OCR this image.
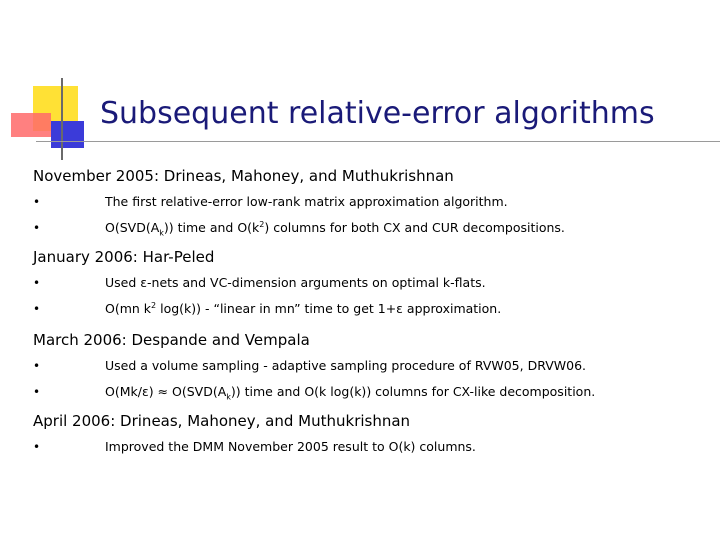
Subsequent relative-error algorithms
November 2005: Drineas, Mahoney, and Muthukrishnan
•	The first relative-error low-rank matrix approximation algorithm.
•	$O(SVD(A_k))$ time and $O(k^2)$ columns for both CX and CUR decompositions.
January 2006: Har-Peled
•	Used ε-nets and VC-dimension arguments on optimal k-flats.
•	O(mn $k^2$ log(k)) - “linear in mn” time to get 1+ε approximation.
March 2006: Despande and Vempala
•	Used a volume sampling - adaptive sampling procedure of RVW05, DRVW06.
•	$O(Mk/\varepsilon) \approx O(SVD(A_k))$ time and O(k log(k)) columns for CX-like decomposition.
April 2006: Drineas, Mahoney, and Muthukrishnan
•	Improved the DMM November 2005 result to O(k) columns.
